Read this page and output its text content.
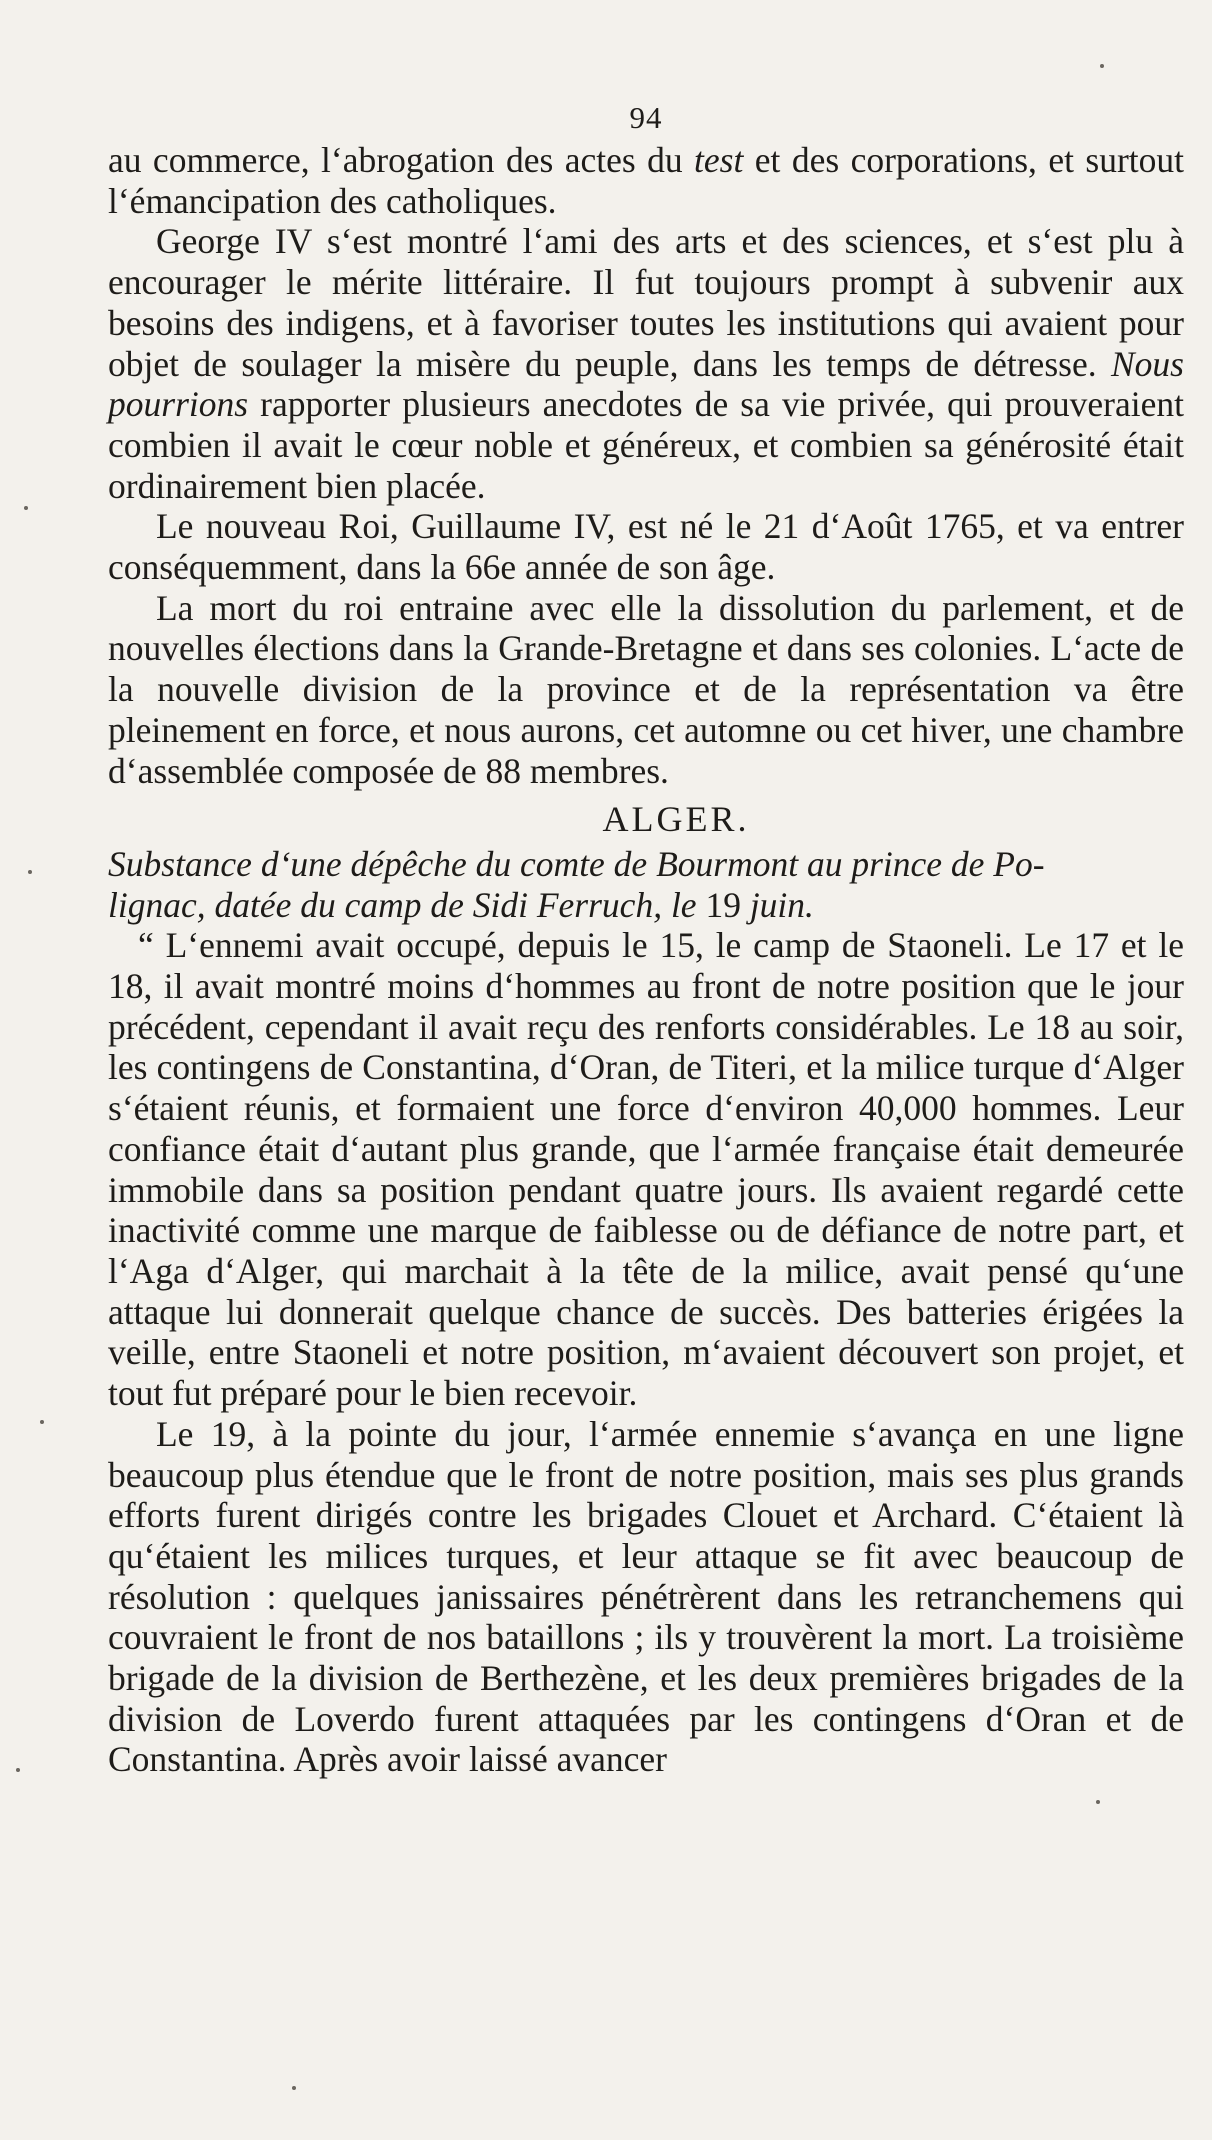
94

au commerce, l‘abrogation des actes du test et des corporations, et surtout l‘émancipation des catholiques.

George IV s‘est montré l‘ami des arts et des sciences, et s‘est plu à encourager le mérite littéraire. Il fut toujours prompt à subvenir aux besoins des indigens, et à favoriser toutes les institutions qui avaient pour objet de soulager la misère du peuple, dans les temps de détresse. Nous pourrions rapporter plusieurs anecdotes de sa vie privée, qui prouveraient combien il avait le cœur noble et généreux, et combien sa générosité était ordinairement bien placée.

Le nouveau Roi, Guillaume IV, est né le 21 d‘Août 1765, et va entrer conséquemment, dans la 66e année de son âge.

La mort du roi entraine avec elle la dissolution du parlement, et de nouvelles élections dans la Grande-Bretagne et dans ses colonies. L‘acte de la nouvelle division de la province et de la représentation va être pleinement en force, et nous aurons, cet automne ou cet hiver, une chambre d‘assemblée composée de 88 membres.

ALGER.

Substance d‘une dépêche du comte de Bourmont au prince de Po-
lignac, datée du camp de Sidi Ferruch, le 19 juin.

“ L‘ennemi avait occupé, depuis le 15, le camp de Staoneli. Le 17 et le 18, il avait montré moins d‘hommes au front de notre position que le jour précédent, cependant il avait reçu des renforts considérables. Le 18 au soir, les contingens de Constantina, d‘Oran, de Titeri, et la milice turque d‘Alger s‘étaient réunis, et formaient une force d‘environ 40,000 hommes. Leur confiance était d‘autant plus grande, que l‘armée française était demeurée immobile dans sa position pendant quatre jours. Ils avaient regardé cette inactivité comme une marque de faiblesse ou de défiance de notre part, et l‘Aga d‘Alger, qui marchait à la tête de la milice, avait pensé qu‘une attaque lui donnerait quelque chance de succès. Des batteries érigées la veille, entre Staoneli et notre position, m‘avaient découvert son projet, et tout fut préparé pour le bien recevoir.

Le 19, à la pointe du jour, l‘armée ennemie s‘avança en une ligne beaucoup plus étendue que le front de notre position, mais ses plus grands efforts furent dirigés contre les brigades Clouet et Archard. C‘étaient là qu‘étaient les milices turques, et leur attaque se fit avec beaucoup de résolution : quelques janissaires pénétrèrent dans les retranchemens qui couvraient le front de nos bataillons ; ils y trouvèrent la mort. La troisième brigade de la division de Berthezène, et les deux premières brigades de la division de Loverdo furent attaquées par les contingens d‘Oran et de Constantina. Après avoir laissé avancer
